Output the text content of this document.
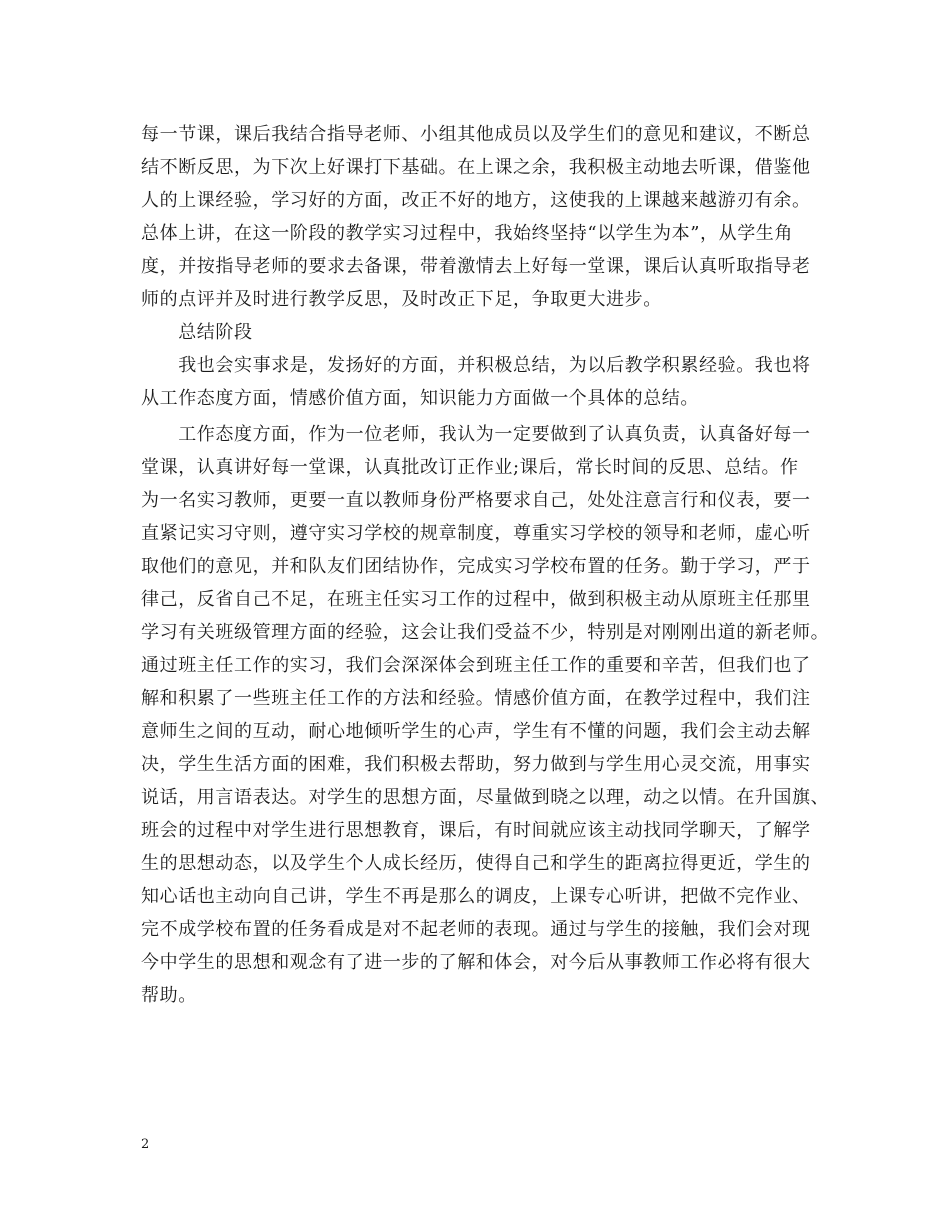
每一节课，课后我结合指导老师、小组其他成员以及学生们的意见和建议，不断总
结不断反思，为下次上好课打下基础。在上课之余，我积极主动地去听课，借鉴他
人的上课经验，学习好的方面，改正不好的地方，这使我的上课越来越游刃有余。
总体上讲，在这一阶段的教学实习过程中，我始终坚持“以学生为本”，从学生角
度，并按指导老师的要求去备课，带着激情去上好每一堂课，课后认真听取指导老
师的点评并及时进行教学反思，及时改正下足，争取更大进步。
　　总结阶段
　　我也会实事求是，发扬好的方面，并积极总结，为以后教学积累经验。我也将
从工作态度方面，情感价值方面，知识能力方面做一个具体的总结。
　　工作态度方面，作为一位老师，我认为一定要做到了认真负责，认真备好每一
堂课，认真讲好每一堂课，认真批改订正作业;课后，常长时间的反思、总结。作
为一名实习教师，更要一直以教师身份严格要求自己，处处注意言行和仪表，要一
直紧记实习守则，遵守实习学校的规章制度，尊重实习学校的领导和老师，虚心听
取他们的意见，并和队友们团结协作，完成实习学校布置的任务。勤于学习，严于
律己，反省自己不足，在班主任实习工作的过程中，做到积极主动从原班主任那里
学习有关班级管理方面的经验，这会让我们受益不少，特别是对刚刚出道的新老师。
通过班主任工作的实习，我们会深深体会到班主任工作的重要和辛苦，但我们也了
解和积累了一些班主任工作的方法和经验。情感价值方面，在教学过程中，我们注
意师生之间的互动，耐心地倾听学生的心声，学生有不懂的问题，我们会主动去解
决，学生生活方面的困难，我们积极去帮助，努力做到与学生用心灵交流，用事实
说话，用言语表达。对学生的思想方面，尽量做到晓之以理，动之以情。在升国旗、
班会的过程中对学生进行思想教育，课后，有时间就应该主动找同学聊天，了解学
生的思想动态，以及学生个人成长经历，使得自己和学生的距离拉得更近，学生的
知心话也主动向自己讲，学生不再是那么的调皮，上课专心听讲，把做不完作业、
完不成学校布置的任务看成是对不起老师的表现。通过与学生的接触，我们会对现
今中学生的思想和观念有了进一步的了解和体会，对今后从事教师工作必将有很大
帮助。
2
